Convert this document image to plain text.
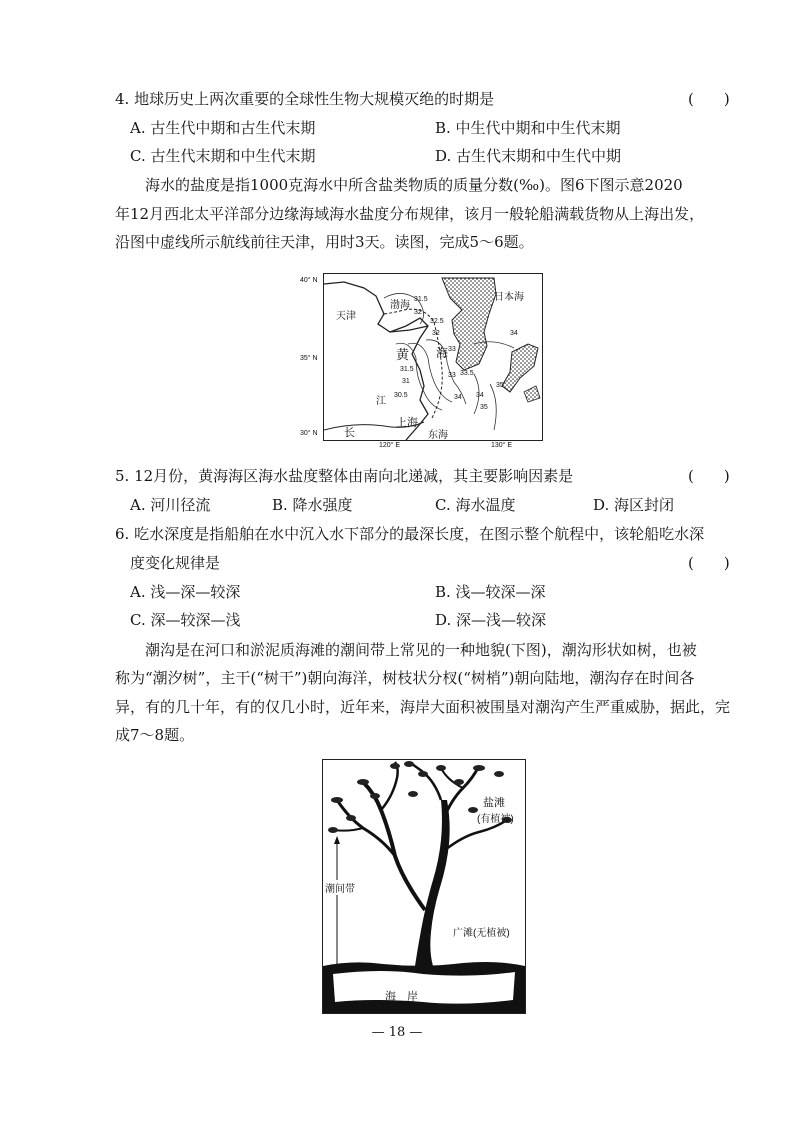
4. 地球历史上两次重要的全球性生物大规模灭绝的时期是	(　　)
A. 古生代中期和古生代末期	B. 中生代中期和中生代末期
C. 古生代末期和中生代末期	D. 古生代末期和中生代中期
海水的盐度是指1000克海水中所含盐类物质的质量分数(‰)。图6下图示意2020
年12月西北太平洋部分边缘海域海水盐度分布规律，该月一般轮船满载货物从上海出发，
沿图中虚线所示航线前往天津，用时3天。读图，完成5～6题。
40° N
35° N
30° N
120° E	130° E
天津
渤海
日本海
黄 海
江
上海
长	东海
31.5
32
32
32.5
33
34
31.5
31
30.5
33 33.5
34
34
35
35
5. 12月份，黄海海区海水盐度整体由南向北递减，其主要影响因素是	(　　)
A. 河川径流	B. 降水强度	C. 海水温度	D. 海区封闭
6. 吃水深度是指船舶在水中沉入水下部分的最深长度，在图示整个航程中，该轮船吃水深
度变化规律是	(　　)
A. 浅—深—较深	B. 浅—较深—深
C. 深—较深—浅	D. 深—浅—较深
潮沟是在河口和淤泥质海滩的潮间带上常见的一种地貌(下图)，潮沟形状如树，也被
称为“潮汐树”，主干(“树干”)朝向海洋，树枝状分杈(“树梢”)朝向陆地，潮沟存在时间各
异，有的几十年，有的仅几小时，近年来，海岸大面积被围垦对潮沟产生严重威胁，据此，完
成7～8题。
盐滩
(有植被)
潮间带
广滩(无植被)
海　岸
— 18 —
